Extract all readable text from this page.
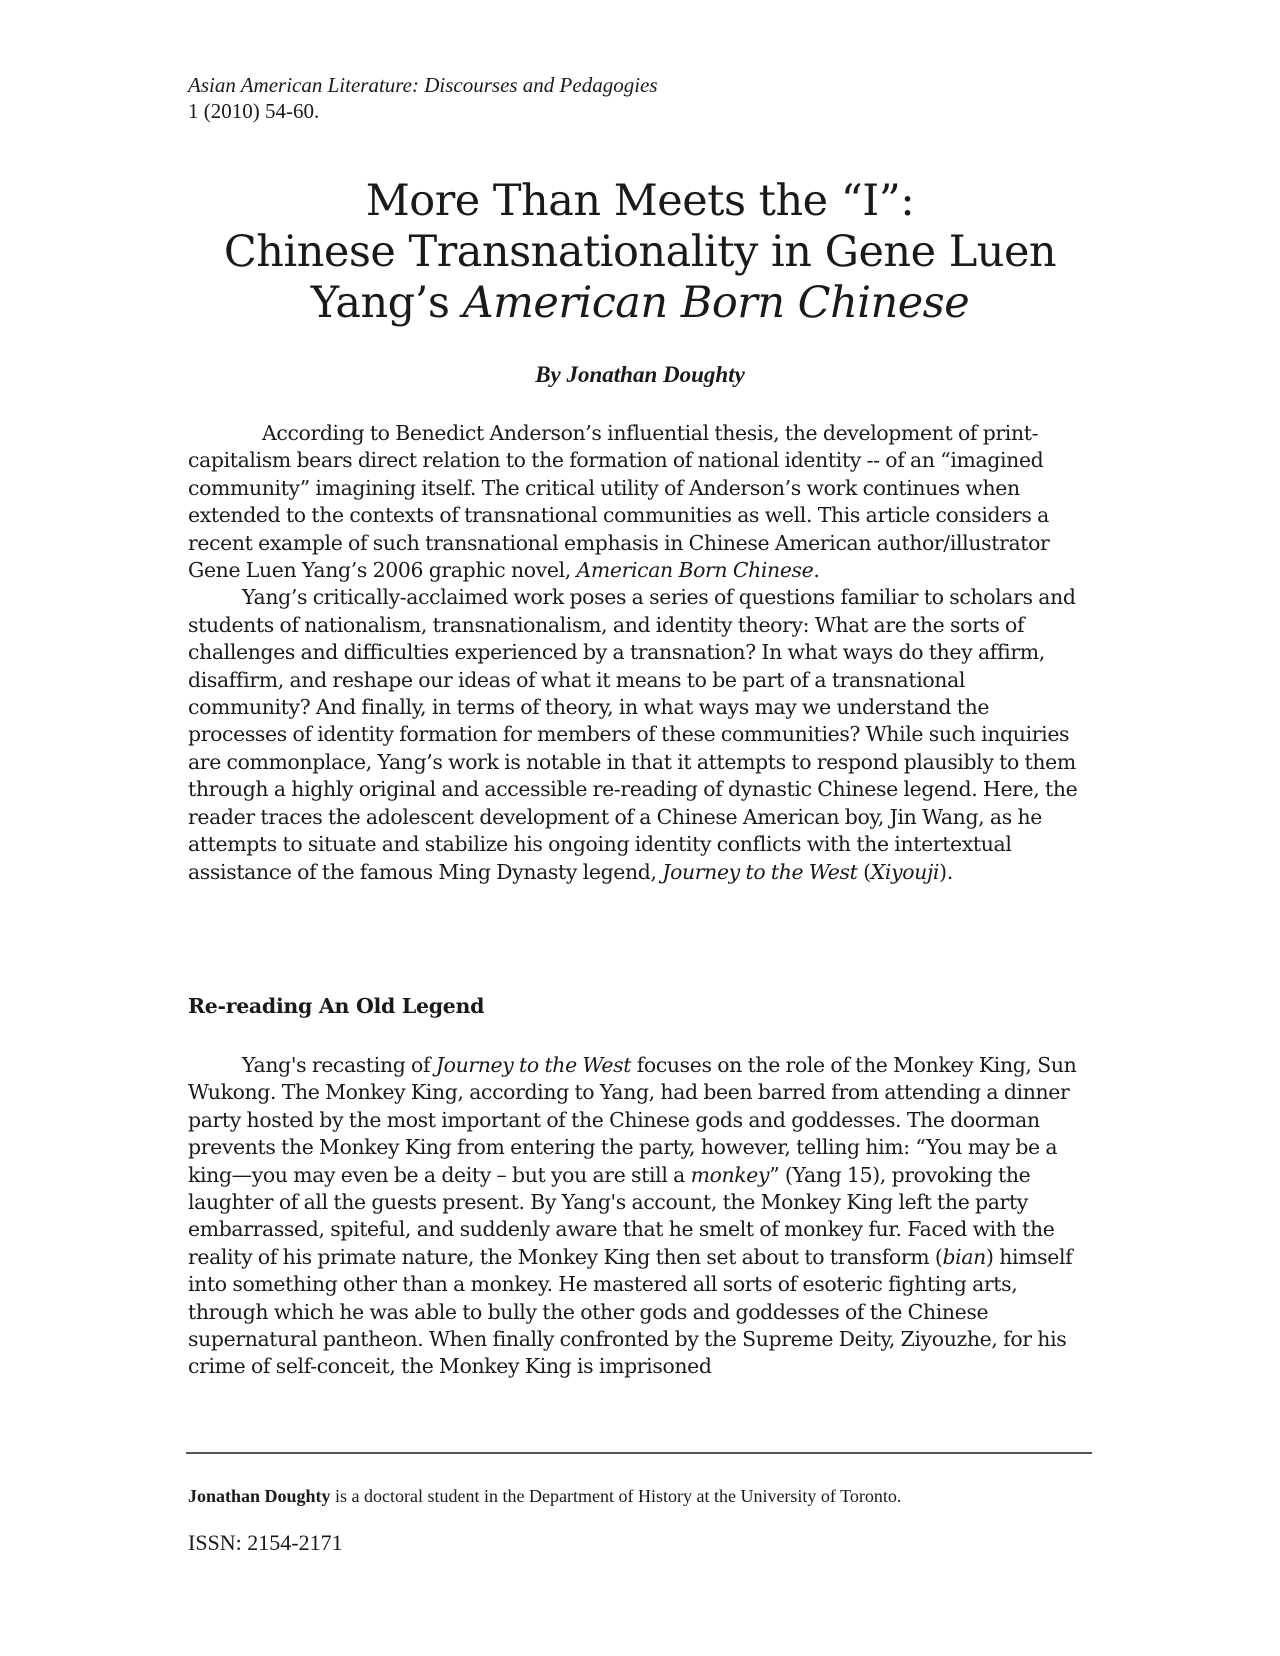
Asian American Literature: Discourses and Pedagogies
1 (2010) 54-60.
More Than Meets the “I”:
Chinese Transnationality in Gene Luen
Yang’s American Born Chinese
By Jonathan Doughty

According to Benedict Anderson’s influential thesis, the development of print-capitalism bears direct relation to the formation of national identity -- of an “imagined community” imagining itself. The critical utility of Anderson’s work continues when extended to the contexts of transnational communities as well. This article considers a recent example of such transnational emphasis in Chinese American author/illustrator Gene Luen Yang’s 2006 graphic novel, American Born Chinese.

Yang’s critically-acclaimed work poses a series of questions familiar to scholars and students of nationalism, transnationalism, and identity theory: What are the sorts of challenges and difficulties experienced by a transnation? In what ways do they affirm, disaffirm, and reshape our ideas of what it means to be part of a transnational community? And finally, in terms of theory, in what ways may we understand the processes of identity formation for members of these communities? While such inquiries are commonplace, Yang’s work is notable in that it attempts to respond plausibly to them through a highly original and accessible re-reading of dynastic Chinese legend. Here, the reader traces the adolescent development of a Chinese American boy, Jin Wang, as he attempts to situate and stabilize his ongoing identity conflicts with the intertextual assistance of the famous Ming Dynasty legend, Journey to the West (Xiyouji).

Re-reading An Old Legend

Yang's recasting of Journey to the West focuses on the role of the Monkey King, Sun Wukong. The Monkey King, according to Yang, had been barred from attending a dinner party hosted by the most important of the Chinese gods and goddesses. The doorman prevents the Monkey King from entering the party, however, telling him: “You may be a king—you may even be a deity – but you are still a monkey” (Yang 15), provoking the laughter of all the guests present. By Yang's account, the Monkey King left the party embarrassed, spiteful, and suddenly aware that he smelt of monkey fur. Faced with the reality of his primate nature, the Monkey King then set about to transform (bian) himself into something other than a monkey. He mastered all sorts of esoteric fighting arts, through which he was able to bully the other gods and goddesses of the Chinese supernatural pantheon. When finally confronted by the Supreme Deity, Ziyouzhe, for his crime of self-conceit, the Monkey King is imprisoned

Jonathan Doughty is a doctoral student in the Department of History at the University of Toronto.
ISSN: 2154-2171
